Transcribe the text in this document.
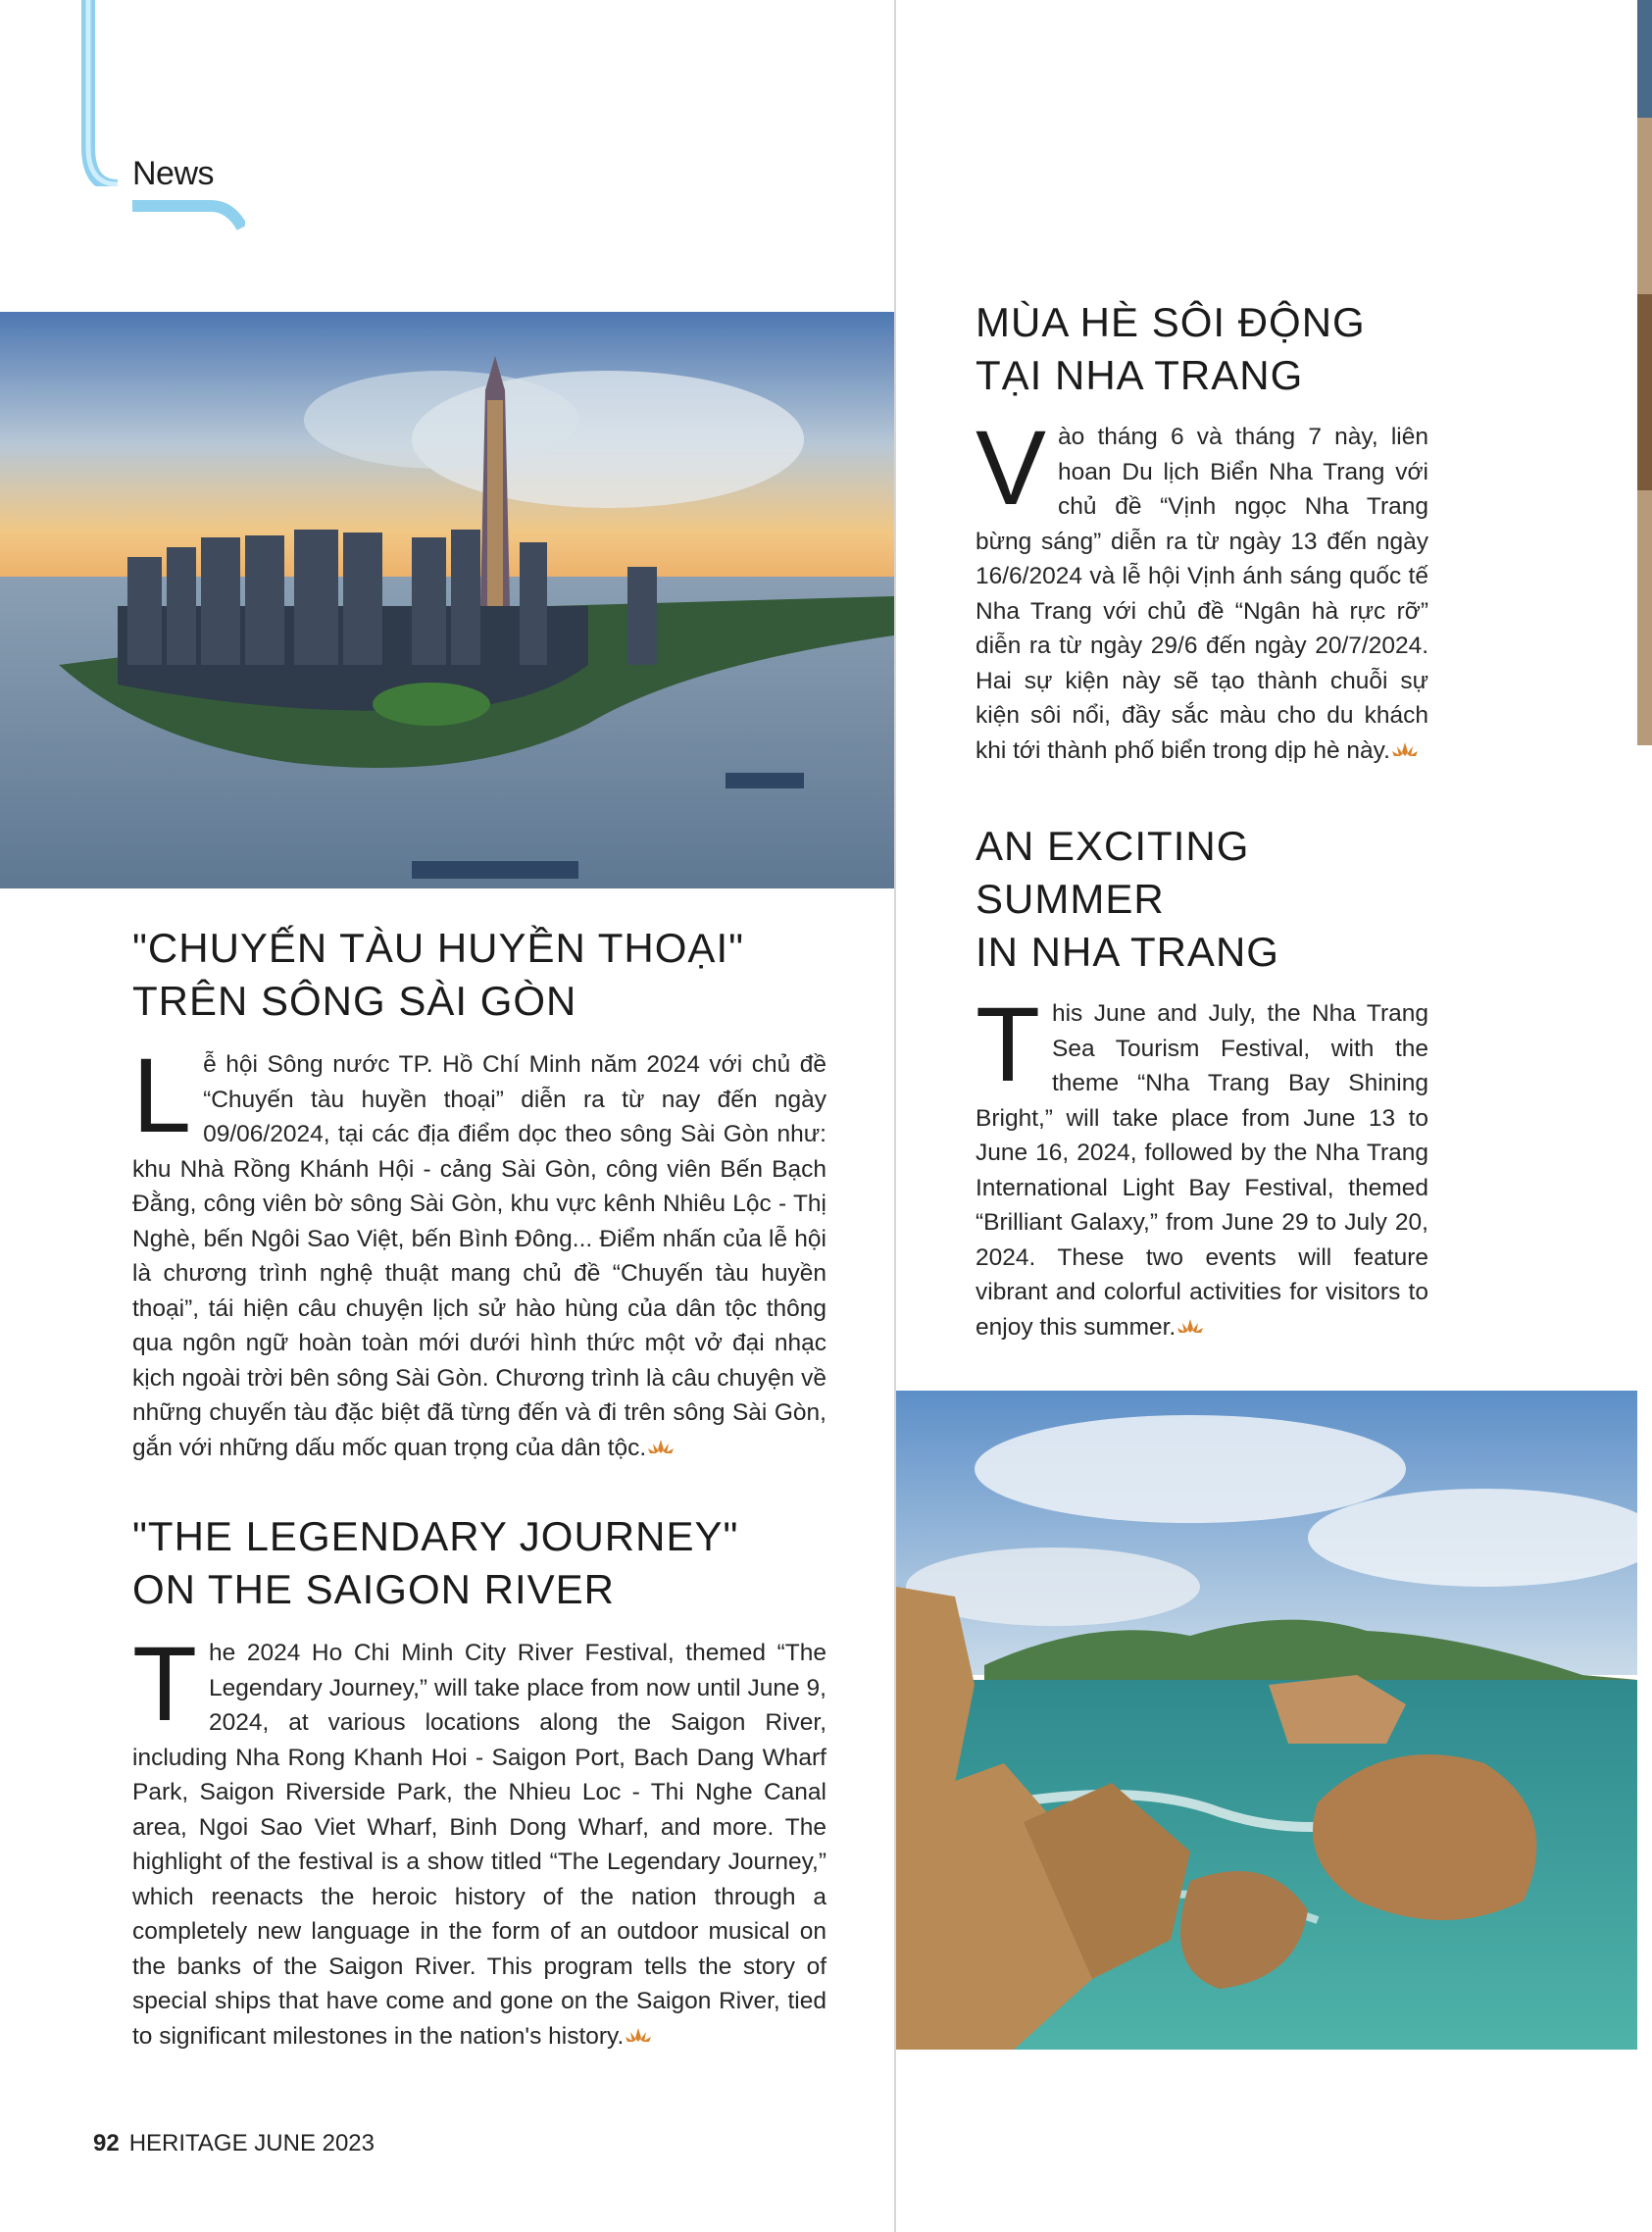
News
"CHUYẾN TÀU HUYỀN THOẠI"
TRÊN SÔNG SÀI GÒN

Lễ hội Sông nước TP. Hồ Chí Minh năm 2024 với chủ đề “Chuyến tàu huyền thoại” diễn ra từ nay đến ngày 09/06/2024, tại các địa điểm dọc theo sông Sài Gòn như: khu Nhà Rồng Khánh Hội - cảng Sài Gòn, công viên Bến Bạch Đằng, công viên bờ sông Sài Gòn, khu vực kênh Nhiêu Lộc - Thị Nghè, bến Ngôi Sao Việt, bến Bình Đông... Điểm nhấn của lễ hội là chương trình nghệ thuật mang chủ đề “Chuyến tàu huyền thoại”, tái hiện câu chuyện lịch sử hào hùng của dân tộc thông qua ngôn ngữ hoàn toàn mới dưới hình thức một vở đại nhạc kịch ngoài trời bên sông Sài Gòn. Chương trình là câu chuyện về những chuyến tàu đặc biệt đã từng đến và đi trên sông Sài Gòn, gắn với những dấu mốc quan trọng của dân tộc.

"THE LEGENDARY JOURNEY"
ON THE SAIGON RIVER

The 2024 Ho Chi Minh City River Festival, themed “The Legendary Journey,” will take place from now until June 9, 2024, at various locations along the Saigon River, including Nha Rong Khanh Hoi - Saigon Port, Bach Dang Wharf Park, Saigon Riverside Park, the Nhieu Loc - Thi Nghe Canal area, Ngoi Sao Viet Wharf, Binh Dong Wharf, and more. The highlight of the festival is a show titled “The Legendary Journey,” which reenacts the heroic history of the nation through a completely new language in the form of an outdoor musical on the banks of the Saigon River. This program tells the story of special ships that have come and gone on the Saigon River, tied to significant milestones in the nation's history.

MÙA HÈ SÔI ĐỘNG
TẠI NHA TRANG

Vào tháng 6 và tháng 7 này, liên hoan Du lịch Biển Nha Trang với chủ đề “Vịnh ngọc Nha Trang bừng sáng” diễn ra từ ngày 13 đến ngày 16/6/2024 và lễ hội Vịnh ánh sáng quốc tế Nha Trang với chủ đề “Ngân hà rực rỡ” diễn ra từ ngày 29/6 đến ngày 20/7/2024. Hai sự kiện này sẽ tạo thành chuỗi sự kiện sôi nổi, đầy sắc màu cho du khách khi tới thành phố biển trong dịp hè này.

AN EXCITING SUMMER
IN NHA TRANG

This June and July, the Nha Trang Sea Tourism Festival, with the theme “Nha Trang Bay Shining Bright,” will take place from June 13 to June 16, 2024, followed by the Nha Trang International Light Bay Festival, themed “Brilliant Galaxy,” from June 29 to July 20, 2024. These two events will feature vibrant and colorful activities for visitors to enjoy this summer.

92 HERITAGE JUNE 2023
